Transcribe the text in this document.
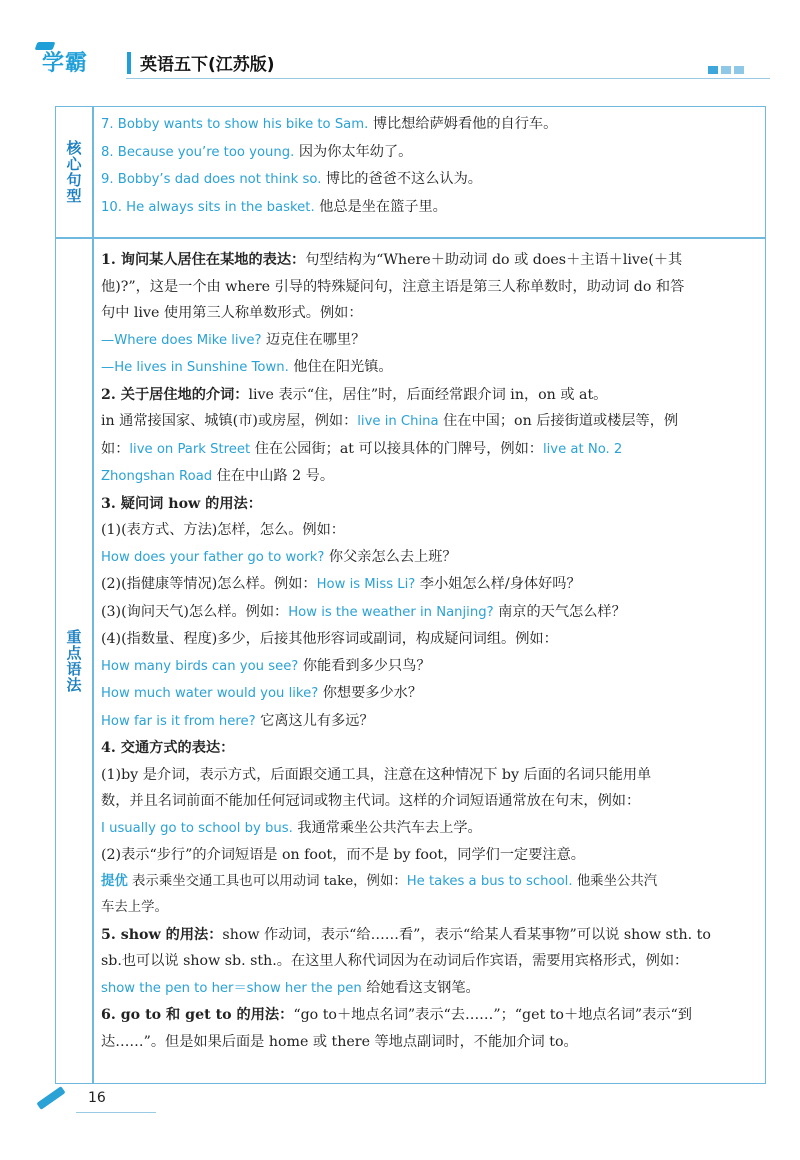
学霸	英语五下(江苏版)
核心句型
重点语法
7. Bobby wants to show his bike to Sam. 博比想给萨姆看他的自行车。
8. Because you’re too young. 因为你太年幼了。
9. Bobby’s dad does not think so. 博比的爸爸不这么认为。
10. He always sits in the basket. 他总是坐在篮子里。
1. 询问某人居住在某地的表达：句型结构为“Where＋助动词 do 或 does＋主语＋live(＋其
他)?”，这是一个由 where 引导的特殊疑问句，注意主语是第三人称单数时，助动词 do 和答
句中 live 使用第三人称单数形式。例如：
—Where does Mike live? 迈克住在哪里？
—He lives in Sunshine Town. 他住在阳光镇。
2. 关于居住地的介词：live 表示“住，居住”时，后面经常跟介词 in，on 或 at。
in 通常接国家、城镇(市)或房屋，例如：live in China 住在中国；on 后接街道或楼层等，例
如：live on Park Street 住在公园街；at 可以接具体的门牌号，例如：live at No. 2
Zhongshan Road 住在中山路 2 号。
3. 疑问词 how 的用法：
(1)(表方式、方法)怎样，怎么。例如：
How does your father go to work? 你父亲怎么去上班？
(2)(指健康等情况)怎么样。例如：How is Miss Li? 李小姐怎么样/身体好吗？
(3)(询问天气)怎么样。例如：How is the weather in Nanjing? 南京的天气怎么样？
(4)(指数量、程度)多少，后接其他形容词或副词，构成疑问词组。例如：
How many birds can you see? 你能看到多少只鸟？
How much water would you like? 你想要多少水？
How far is it from here? 它离这儿有多远？
4. 交通方式的表达：
(1)by 是介词，表示方式，后面跟交通工具，注意在这种情况下 by 后面的名词只能用单
数，并且名词前面不能加任何冠词或物主代词。这样的介词短语通常放在句末，例如：
I usually go to school by bus. 我通常乘坐公共汽车去上学。
(2)表示“步行”的介词短语是 on foot，而不是 by foot，同学们一定要注意。
提优 表示乘坐交通工具也可以用动词 take，例如：He takes a bus to school. 他乘坐公共汽
车去上学。
5. show 的用法：show 作动词，表示“给……看”，表示“给某人看某事物”可以说 show sth. to
sb.也可以说 show sb. sth.。在这里人称代词因为在动词后作宾语，需要用宾格形式，例如：
show the pen to her＝show her the pen 给她看这支钢笔。
6. go to 和 get to 的用法：“go to＋地点名词”表示“去……”；“get to＋地点名词”表示“到
达……”。但是如果后面是 home 或 there 等地点副词时，不能加介词 to。
16
